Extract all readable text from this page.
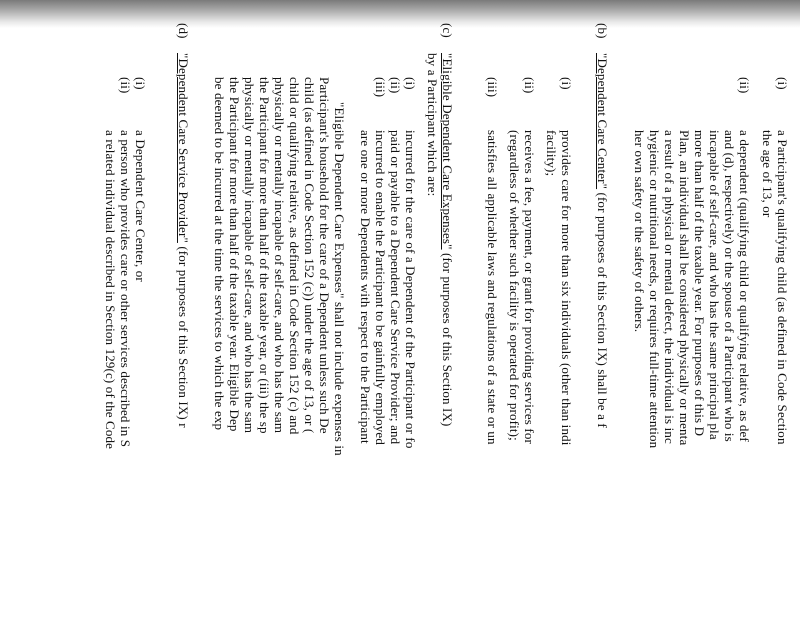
(i)
a Participant's qualifying child (as defined in Code Section
the age of 13, or
(ii)
a dependent (qualifying child or qualifying relative, as def
and (d), respectively) or the spouse of a Participant who is
incapable of self-care, and who has the same principal pla
more than half of the taxable year. For purposes of this D
Plan, an individual shall be considered physically or menta
a result of a physical or mental defect, the individual is inc
hygienic or nutritional needs, or requires full-time attention
her own safety or the safety of others.
(b)
"Dependent Care Center" (for purposes of this Section IX) shall be a f
(i)
provides care for more than six individuals (other than indi
facility);
(ii)
receives a fee, payment, or grant for providing services for
(regardless of whether such facility is operated for profit);
(iii)
satisfies all applicable laws and regulations of a state or un
(c)
"Eligible Dependent Care Expenses" (for purposes of this Section IX)
by a Participant which are:
(i)
incurred for the care of a Dependent of the Participant or fo
(ii)
paid or payable to a Dependent Care Service Provider; and
(iii)
incurred to enable the Participant to be gainfully employed
are one or more Dependents with respect to the Participant
"Eligible Dependent Care Expenses" shall not include expenses in
Participant's household for the care of a Dependent unless such De
child (as defined in Code Section 152 (c)) under the age of 13, or (
child or qualifying relative, as defined in Code Section 152 (c) and
physically or mentally incapable of self-care, and who has the sam
the Participant for more than half of the taxable year, or (iii) the sp
physically or mentally incapable of self-care, and who has the sam
the Participant for more than half of the taxable year. Eligible Dep
be deemed to be incurred at the time the services to which the exp
(d)
"Dependent Care Service Provider" (for purposes of this Section IX) r
(i)
a Dependent Care Center, or
(ii)
a person who provides care or other services described in S
a related individual described in Section 129(c) of the Code
